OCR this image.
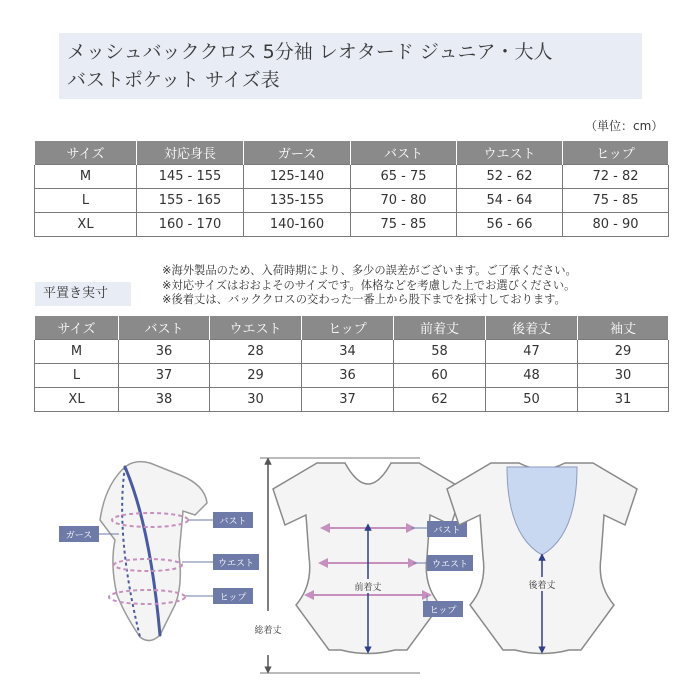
メッシュバッククロス 5分袖 レオタード ジュニア・大人
バストポケット サイズ表
（単位：cm）
サイズ	対応身長	ガース	バスト	ウエスト	ヒップ
M	145 - 155	125-140	65 - 75	52 - 62	72 - 82
L	155 - 165	135-155	70 - 80	54 - 64	75 - 85
XL	160 - 170	140-160	75 - 85	56 - 66	80 - 90
※海外製品のため、入荷時期により、多少の誤差がございます。ご了承ください。
※対応サイズはおおよそのサイズです。体格などを考慮した上でお選びください。
※後着丈は、バッククロスの交わった一番上から股下までを採寸しております。
平置き実寸
サイズ	バスト	ウエスト	ヒップ	前着丈	後着丈	袖丈
M	36	28	34	58	47	29
L	37	29	36	60	48	30
XL	38	30	37	62	50	31
ガース
バスト
ウエスト
ヒップ
総着丈
前着丈
バスト
ウエスト
ヒップ
後着丈
